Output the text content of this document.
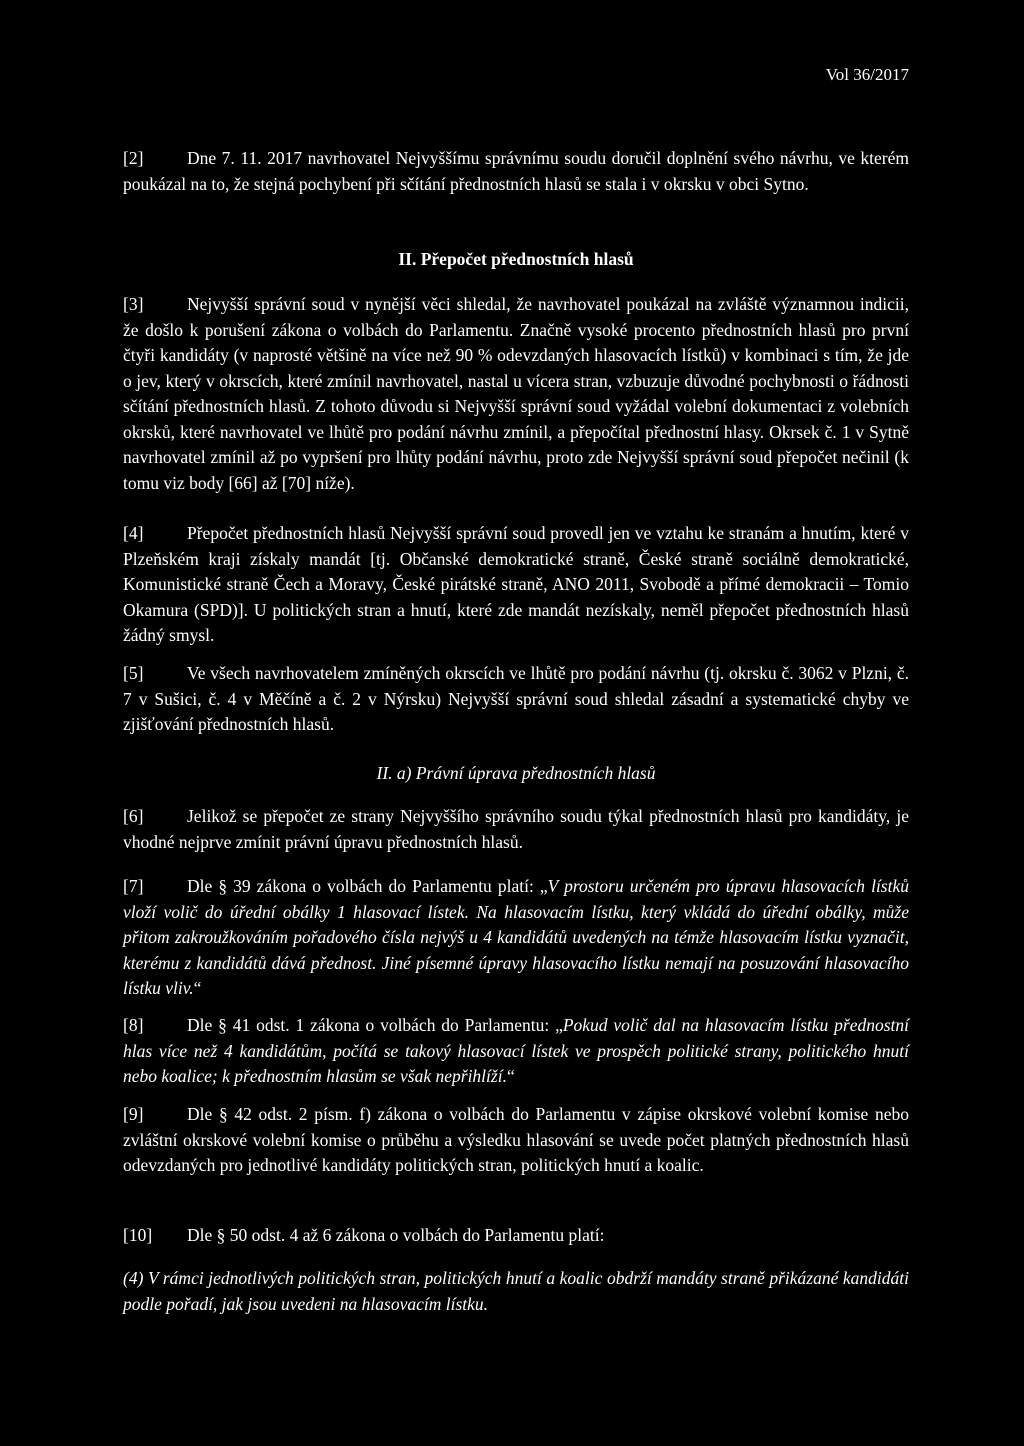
Vol 36/2017
[2] Dne 7. 11. 2017 navrhovatel Nejvyššímu správnímu soudu doručil doplnění svého návrhu, ve kterém poukázal na to, že stejná pochybení při sčítání přednostních hlasů se stala i v okrsku v obci Sytno.
II. Přepočet přednostních hlasů
[3] Nejvyšší správní soud v nynější věci shledal, že navrhovatel poukázal na zvláště významnou indicii, že došlo k porušení zákona o volbách do Parlamentu. Značně vysoké procento přednostních hlasů pro první čtyři kandidáty (v naprosté většině na více než 90 % odevzdaných hlasovacích lístků) v kombinaci s tím, že jde o jev, který v okrscích, které zmínil navrhovatel, nastal u vícera stran, vzbuzuje důvodné pochybnosti o řádnosti sčítání přednostních hlasů. Z tohoto důvodu si Nejvyšší správní soud vyžádal volební dokumentaci z volebních okrsků, které navrhovatel ve lhůtě pro podání návrhu zmínil, a přepočítal přednostní hlasy. Okrsek č. 1 v Sytně navrhovatel zmínil až po vypršení pro lhůty podání návrhu, proto zde Nejvyšší správní soud přepočet nečinil (k tomu viz body [66] až [70] níže).
[4] Přepočet přednostních hlasů Nejvyšší správní soud provedl jen ve vztahu ke stranám a hnutím, které v Plzeňském kraji získaly mandát [tj. Občanské demokratické straně, České straně sociálně demokratické, Komunistické straně Čech a Moravy, České pirátské straně, ANO 2011, Svobodě a přímé demokracii – Tomio Okamura (SPD)]. U politických stran a hnutí, které zde mandát nezískaly, neměl přepočet přednostních hlasů žádný smysl.
[5] Ve všech navrhovatelem zmíněných okrscích ve lhůtě pro podání návrhu (tj. okrsku č. 3062 v Plzni, č. 7 v Sušici, č. 4 v Měčíně a č. 2 v Nýrsku) Nejvyšší správní soud shledal zásadní a systematické chyby ve zjišťování přednostních hlasů.
II. a) Právní úprava přednostních hlasů
[6] Jelikož se přepočet ze strany Nejvyššího správního soudu týkal přednostních hlasů pro kandidáty, je vhodné nejprve zmínit právní úpravu přednostních hlasů.
[7] Dle § 39 zákona o volbách do Parlamentu platí: „V prostoru určeném pro úpravu hlasovacích lístků vloží volič do úřední obálky 1 hlasovací lístek. Na hlasovacím lístku, který vkládá do úřední obálky, může přitom zakroužkováním pořadového čísla nejvýš u 4 kandidátů uvedených na témže hlasovacím lístku vyznačit, kterému z kandidátů dává přednost. Jiné písemné úpravy hlasovacího lístku nemají na posuzování hlasovacího lístku vliv.“
[8] Dle § 41 odst. 1 zákona o volbách do Parlamentu: „Pokud volič dal na hlasovacím lístku přednostní hlas více než 4 kandidátům, počítá se takový hlasovací lístek ve prospěch politické strany, politického hnutí nebo koalice; k přednostním hlasům se však nepřihlíží.“
[9] Dle § 42 odst. 2 písm. f) zákona o volbách do Parlamentu v zápise okrskové volební komise nebo zvláštní okrskové volební komise o průběhu a výsledku hlasování se uvede počet platných přednostních hlasů odevzdaných pro jednotlivé kandidáty politických stran, politických hnutí a koalic.
[10] Dle § 50 odst. 4 až 6 zákona o volbách do Parlamentu platí:
(4) V rámci jednotlivých politických stran, politických hnutí a koalic obdrží mandáty straně přikázané kandidáti podle pořadí, jak jsou uvedeni na hlasovacím lístku.
